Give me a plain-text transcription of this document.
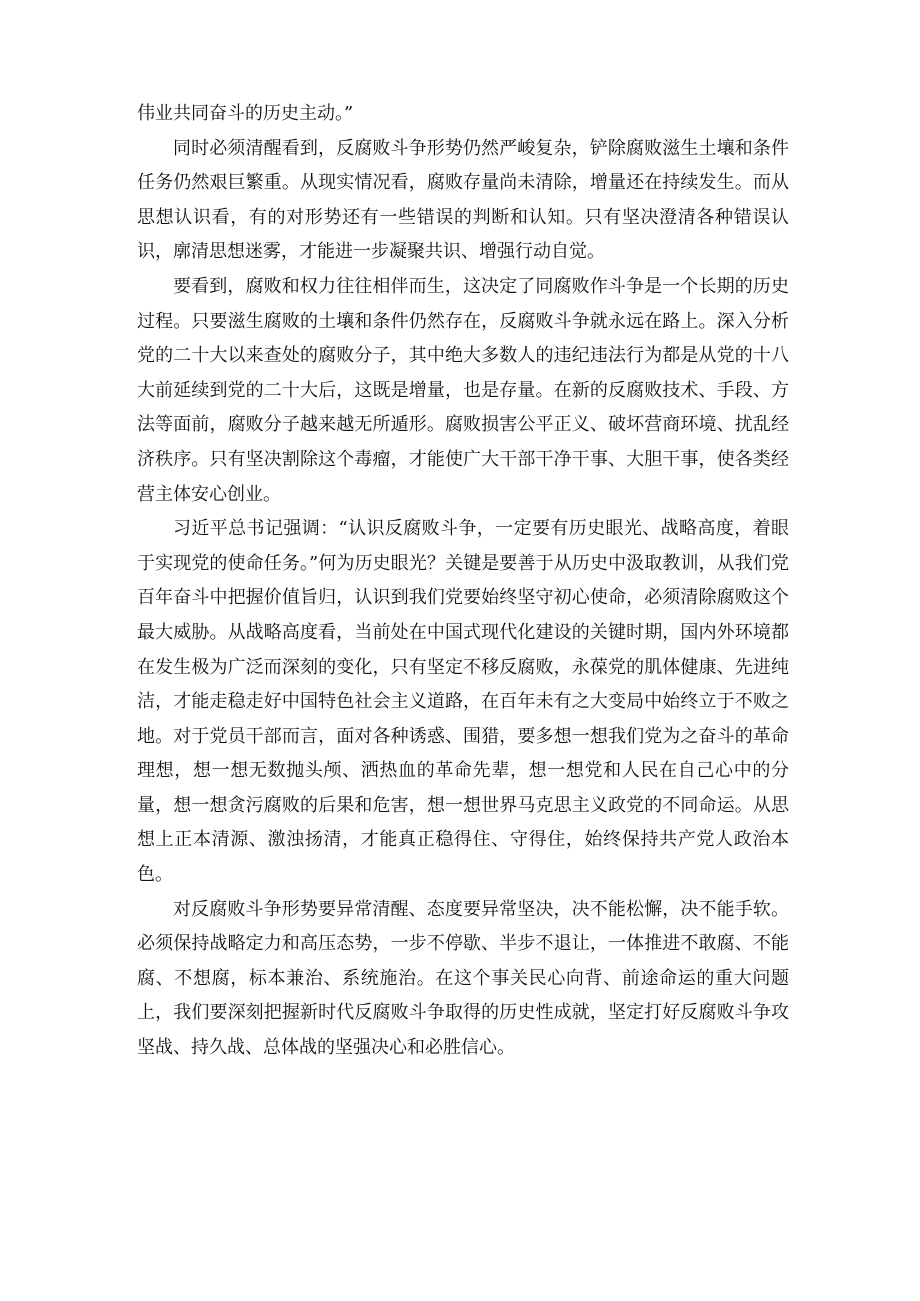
伟业共同奋斗的历史主动。”

同时必须清醒看到，反腐败斗争形势仍然严峻复杂，铲除腐败滋生土壤和条件任务仍然艰巨繁重。从现实情况看，腐败存量尚未清除，增量还在持续发生。而从思想认识看，有的对形势还有一些错误的判断和认知。只有坚决澄清各种错误认识，廓清思想迷雾，才能进一步凝聚共识、增强行动自觉。

要看到，腐败和权力往往相伴而生，这决定了同腐败作斗争是一个长期的历史过程。只要滋生腐败的土壤和条件仍然存在，反腐败斗争就永远在路上。深入分析党的二十大以来查处的腐败分子，其中绝大多数人的违纪违法行为都是从党的十八大前延续到党的二十大后，这既是增量，也是存量。在新的反腐败技术、手段、方法等面前，腐败分子越来越无所遁形。腐败损害公平正义、破坏营商环境、扰乱经济秩序。只有坚决割除这个毒瘤，才能使广大干部干净干事、大胆干事，使各类经营主体安心创业。

习近平总书记强调：“认识反腐败斗争，一定要有历史眼光、战略高度，着眼于实现党的使命任务。”何为历史眼光？关键是要善于从历史中汲取教训，从我们党百年奋斗中把握价值旨归，认识到我们党要始终坚守初心使命，必须清除腐败这个最大威胁。从战略高度看，当前处在中国式现代化建设的关键时期，国内外环境都在发生极为广泛而深刻的变化，只有坚定不移反腐败，永葆党的肌体健康、先进纯洁，才能走稳走好中国特色社会主义道路，在百年未有之大变局中始终立于不败之地。对于党员干部而言，面对各种诱惑、围猎，要多想一想我们党为之奋斗的革命理想，想一想无数抛头颅、洒热血的革命先辈，想一想党和人民在自己心中的分量，想一想贪污腐败的后果和危害，想一想世界马克思主义政党的不同命运。从思想上正本清源、激浊扬清，才能真正稳得住、守得住，始终保持共产党人政治本色。

对反腐败斗争形势要异常清醒、态度要异常坚决，决不能松懈，决不能手软。必须保持战略定力和高压态势，一步不停歇、半步不退让，一体推进不敢腐、不能腐、不想腐，标本兼治、系统施治。在这个事关民心向背、前途命运的重大问题上，我们要深刻把握新时代反腐败斗争取得的历史性成就，坚定打好反腐败斗争攻坚战、持久战、总体战的坚强决心和必胜信心。
